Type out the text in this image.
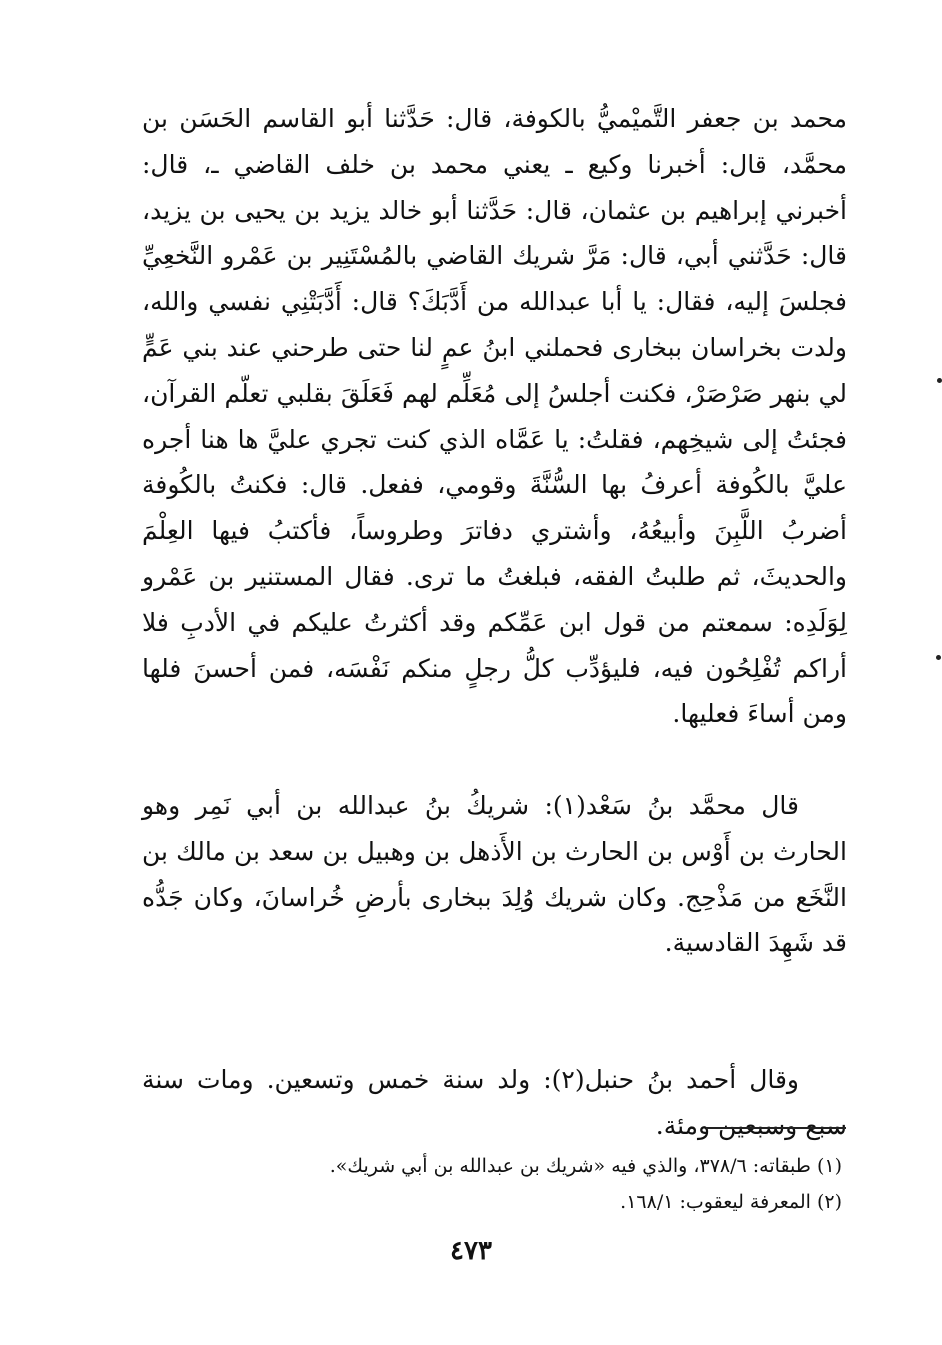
محمد بن جعفر التَّميْميُّ بالكوفة، قال: حَدَّثنا أبو القاسم الحَسَن بن محمَّد، قال: أخبرنا وكيع ـ يعني محمد بن خلف القاضي ـ، قال: أخبرني إبراهيم بن عثمان، قال: حَدَّثنا أبو خالد يزيد بن يحيى بن يزيد، قال: حَدَّثني أبي، قال: مَرَّ شريك القاضي بالمُسْتَنِير بن عَمْرو النَّخعِيِّ فجلسَ إليه، فقال: يا أبا عبدالله من أَدَّبَكَ؟ قال: أَدَّبَتْنِي نفسي والله، ولدت بخراسان ببخارى فحملني ابنُ عمٍ لنا حتى طرحني عند بني عَمٍّ لي بنهر صَرْصَرْ، فكنت أجلسُ إلى مُعَلِّم لهم فَعَلَقَ بقلبي تعلّم القرآن، فجئتُ إلى شيخِهم، فقلتُ: يا عَمَّاه الذي كنت تجري عليَّ ها هنا أجره عليَّ بالكُوفة أعرفُ بها السُّنَّةَ وقومي، ففعل. قال: فكنتُ بالكُوفة أضربُ اللَّبِنَ وأبيعُهُ، وأشتري دفاترَ وطروساً، فأكتبُ فيها العِلْمَ والحديثَ، ثم طلبتُ الفقه، فبلغتُ ما ترى. فقال المستنير بن عَمْرو لِوَلَدِه: سمعتم من قول ابن عَمِّكم وقد أكثرتُ عليكم في الأدبِ فلا أراكم تُفْلِحُون فيه، فليؤدِّب كلُّ رجلٍ منكم نَفْسَه، فمن أحسنَ فلها ومن أساءَ فعليها.

قال محمَّد بنُ سَعْد(١): شريكُ بنُ عبدالله بن أبي نَمِر وهو الحارث بن أَوْس بن الحارث بن الأَذهل بن وهبيل بن سعد بن مالك بن النَّخَع من مَذْحِج. وكان شريك وُلِدَ ببخارى بأرضِ خُراسانَ، وكان جَدُّه قد شَهِدَ القادسية.

وقال أحمد بنُ حنبل(٢): ولد سنة خمس وتسعين. ومات سنة سبع وسبعين ومئة.

(١) طبقاته: ٣٧٨/٦، والذي فيه «شريك بن عبدالله بن أبي شريك».

(٢) المعرفة ليعقوب: ١٦٨/١.

٤٧٣
